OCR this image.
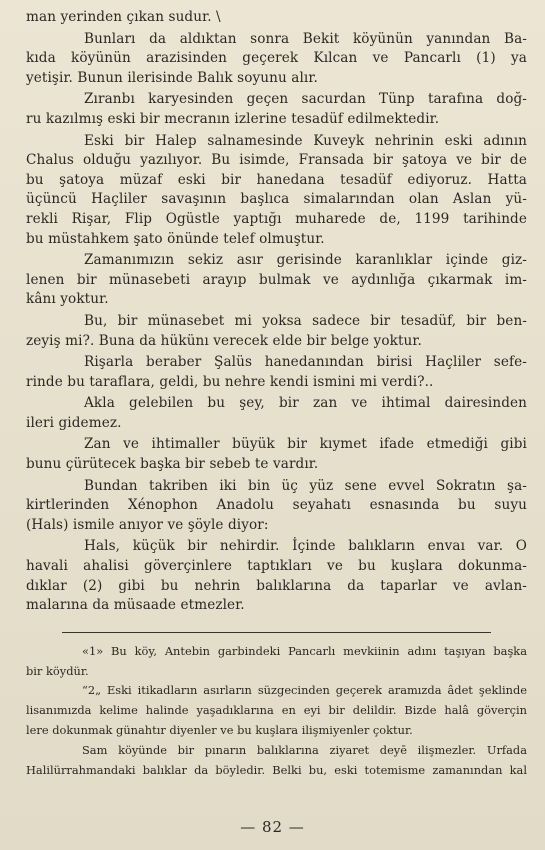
man yerinden çıkan sudur. \

Bunları da aldıktan sonra Bekit köyünün yanından Ba-

kıda köyünün arazisinden geçerek Kılcan ve Pancarlı (1) ya

yetişir. Bunun ilerisinde Balık soyunu alır.

Zıranbı karyesinden geçen sacurdan Tünp tarafına doğ-

ru kazılmış eski bir mecranın izlerine tesadüf edilmektedir.

Eski bir Halep salnamesinde Kuveyk nehrinin eski adının

Chalus olduğu yazılıyor. Bu isimde, Fransada bir şatoya ve bir de

bu şatoya müzaf eski bir hanedana tesadüf ediyoruz. Hatta

üçüncü Haçliler savaşının başlıca simalarından olan Aslan yü-

rekli Rişar, Flip Ogüstle yaptığı muharede de, 1199 tarihinde

bu müstahkem şato önünde telef olmuştur.

Zamanımızın sekiz asır gerisinde karanlıklar içinde giz-

lenen bir münasebeti arayıp bulmak ve aydınlığa çıkarmak im-

kânı yoktur.

Bu, bir münasebet mi yoksa sadece bir tesadüf, bir ben-

zeyiş mi?. Buna da hükünı verecek elde bir belge yoktur.

Rişarla beraber Şalüs hanedanından birisi Haçliler sefe-

rinde bu taraflara, geldi, bu nehre kendi ismini mi verdi?..

Akla gelebilen bu şey, bir zan ve ihtimal dairesinden

ileri gidemez.

Zan ve ihtimaller büyük bir kıymet ifade etmediği gibi

bunu çürütecek başka bir sebeb te vardır.

Bundan takriben iki bin üç yüz sene evvel Sokratın şa-

kirtlerinden Xénophon Anadolu seyahatı esnasında bu suyu

(Hals) ismile anıyor ve şöyle diyor:

Hals, küçük bir nehirdir. İçinde balıkların envaı var. O

havali ahalisi göverçinlere taptıkları ve bu kuşlara dokunma-

dıklar (2) gibi bu nehrin balıklarına da taparlar ve avlan-

malarına da müsaade etmezler.

«1» Bu köy, Antebin garbindeki Pancarlı mevkiinin adını taşıyan başka

bir köydür.

“2„ Eski itikadların asırların süzgecinden geçerek aramızda âdet şeklinde

lisanımızda kelime halinde yaşadıklarına en eyi bir delildir. Bizde halâ göverçin

lere dokunmak günahtır diyenler ve bu kuşlara ilişmiyenler çoktur.

Sam köyünde bir pınarın balıklarına ziyaret deyē ilişmezler. Urfada

Halilürrahmandaki balıklar da böyledir. Belki bu, eski totemisme zamanından kal

— 82 —
